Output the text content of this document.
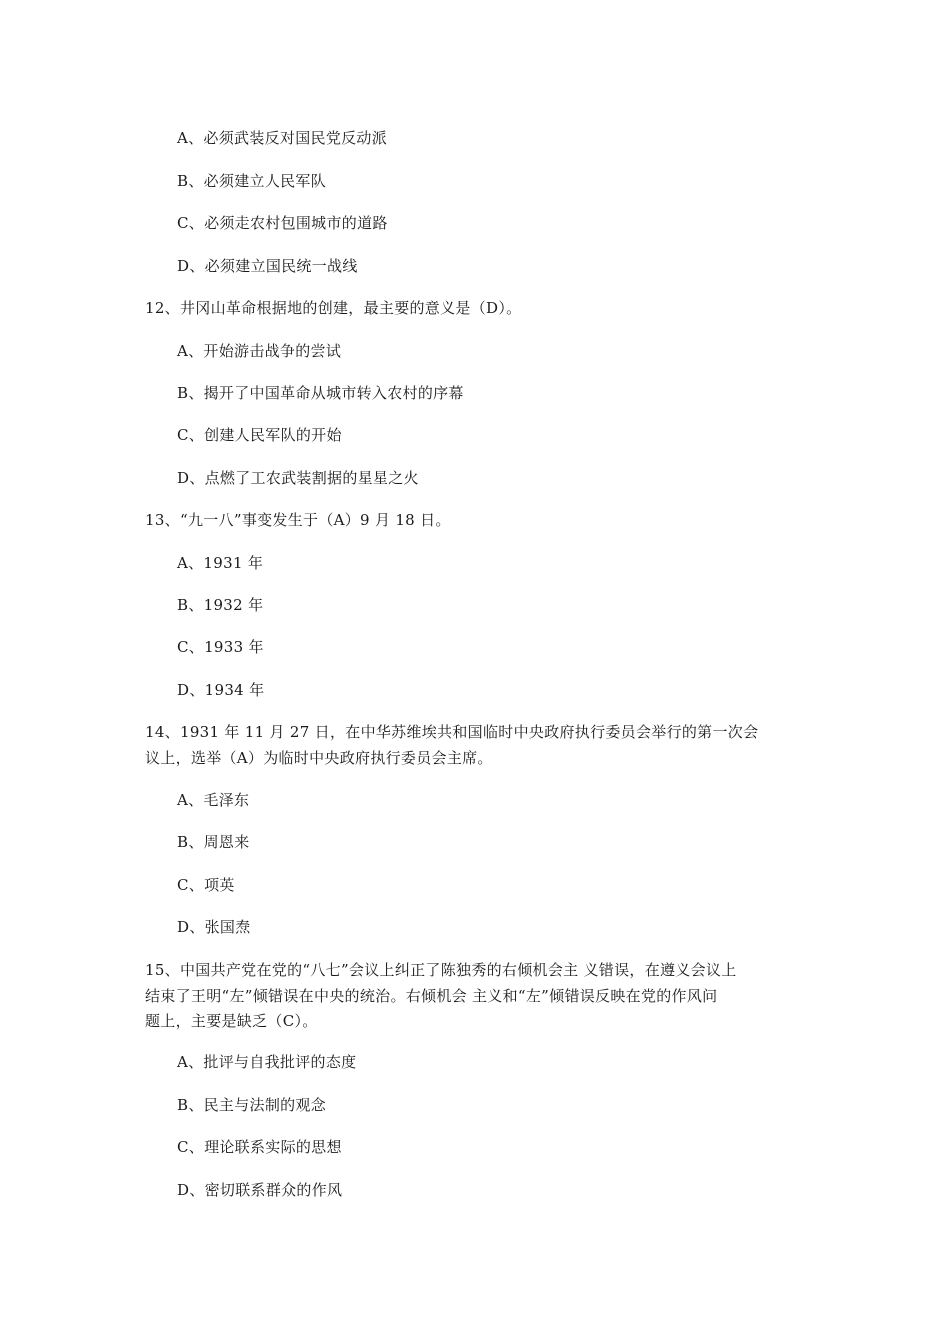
A、必须武装反对国民党反动派
B、必须建立人民军队
C、必须走农村包围城市的道路
D、必须建立国民统一战线
12、井冈山革命根据地的创建，最主要的意义是（D）。
A、开始游击战争的尝试
B、揭开了中国革命从城市转入农村的序幕
C、创建人民军队的开始
D、点燃了工农武装割据的星星之火
13、“九一八”事变发生于（A）9 月 18 日。
A、1931 年
B、1932 年
C、1933 年
D、1934 年
14、1931 年 11 月 27 日，在中华苏维埃共和国临时中央政府执行委员会举行的第一次会
议上，选举（A）为临时中央政府执行委员会主席。
A、毛泽东
B、周恩来
C、项英
D、张国焘
15、中国共产党在党的“八七”会议上纠正了陈独秀的右倾机会主 义错误，在遵义会议上
结束了王明“左”倾错误在中央的统治。右倾机会 主义和“左”倾错误反映在党的作风问
题上，主要是缺乏（C）。
A、批评与自我批评的态度
B、民主与法制的观念
C、理论联系实际的思想
D、密切联系群众的作风
